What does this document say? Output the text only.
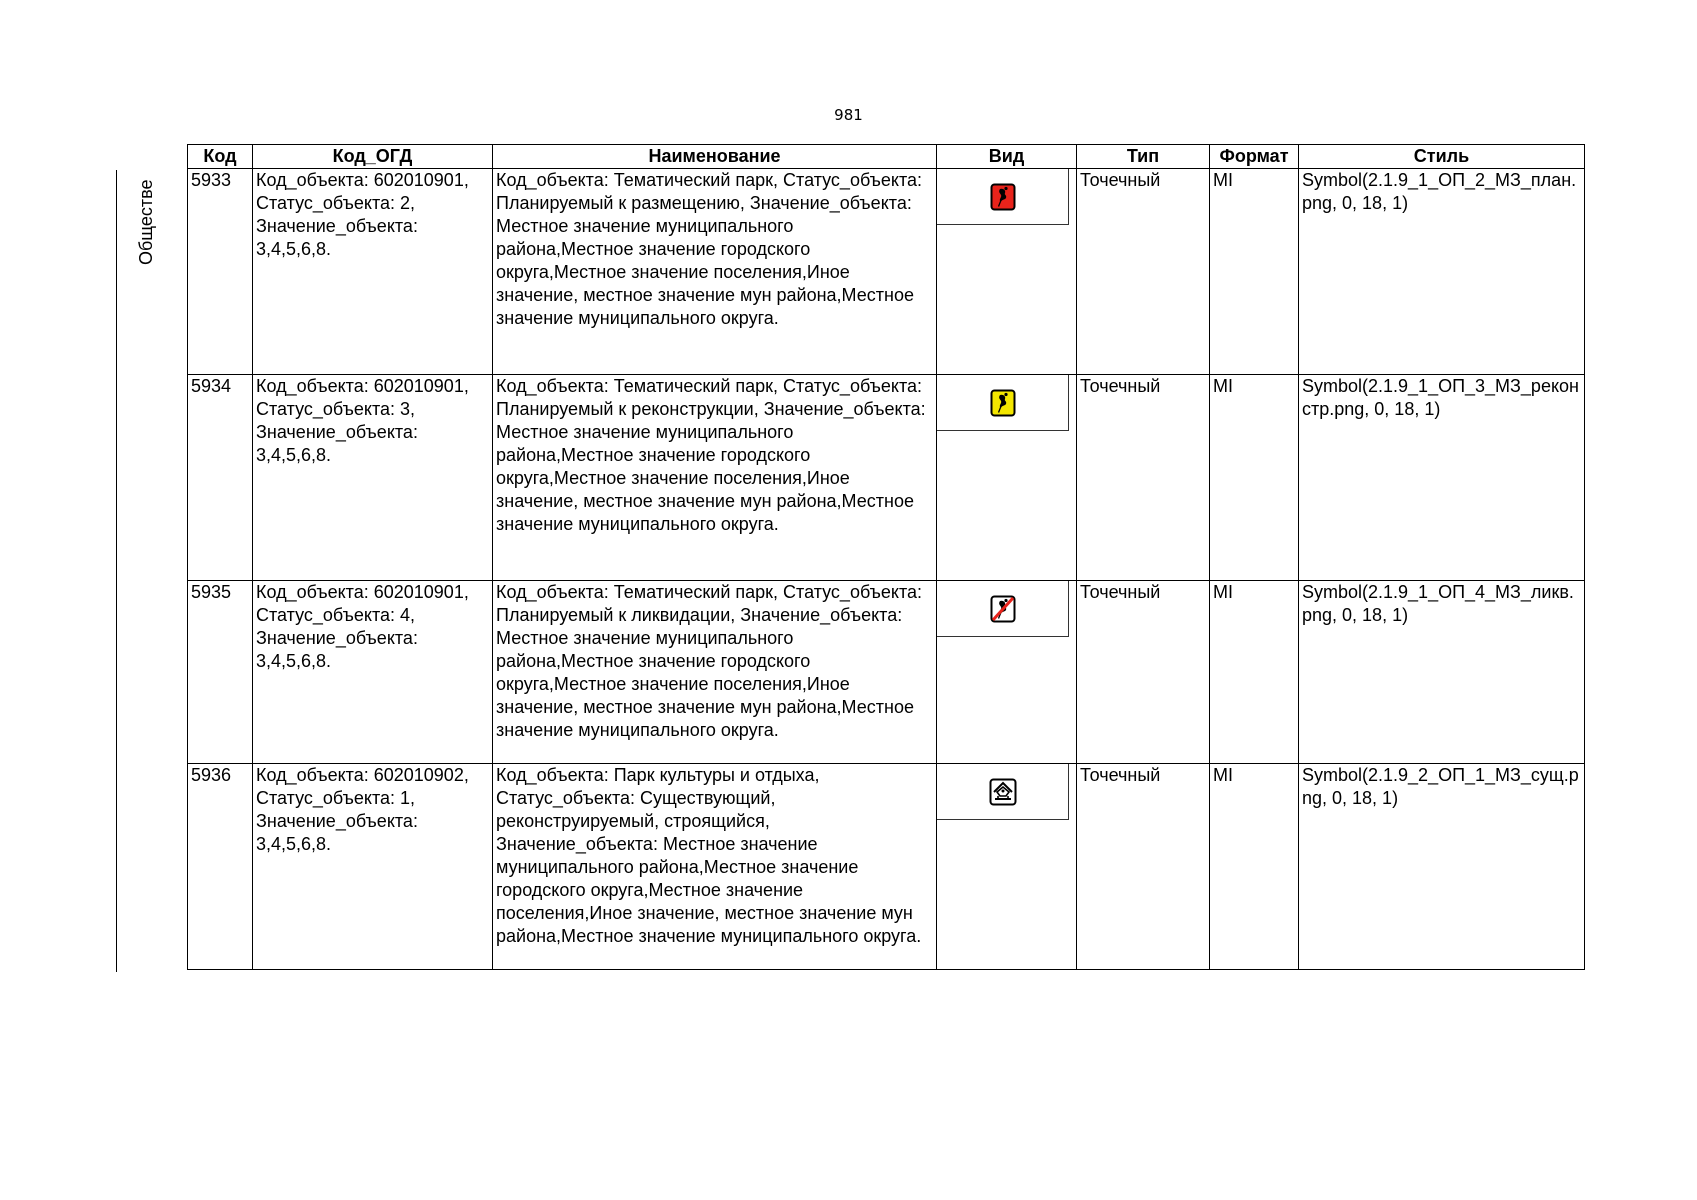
981
Обществе
Код	Код_ОГД	Наименование	Вид	Тип	Формат	Стиль
5933	Код_объекта: 602010901, Статус_объекта: 2, Значение_объекта: 3,4,5,6,8.	Код_объекта: Тематический парк, Статус_объекта: Планируемый к размещению, Значение_объекта: Местное значение муниципального района,Местное значение городского округа,Местное значение поселения,Иное значение, местное значение мун района,Местное значение муниципального округа.		Точечный	MI	Symbol(2.1.9_1_ОП_2_МЗ_план.png, 0, 18, 1)
5934	Код_объекта: 602010901, Статус_объекта: 3, Значение_объекта: 3,4,5,6,8.	Код_объекта: Тематический парк, Статус_объекта: Планируемый к реконструкции, Значение_объекта: Местное значение муниципального района,Местное значение городского округа,Местное значение поселения,Иное значение, местное значение мун района,Местное значение муниципального округа.		Точечный	MI	Symbol(2.1.9_1_ОП_3_МЗ_реконстр.png, 0, 18, 1)
5935	Код_объекта: 602010901, Статус_объекта: 4, Значение_объекта: 3,4,5,6,8.	Код_объекта: Тематический парк, Статус_объекта: Планируемый к ликвидации, Значение_объекта: Местное значение муниципального района,Местное значение городского округа,Местное значение поселения,Иное значение, местное значение мун района,Местное значение муниципального округа.		Точечный	MI	Symbol(2.1.9_1_ОП_4_МЗ_ликв.png, 0, 18, 1)
5936	Код_объекта: 602010902, Статус_объекта: 1, Значение_объекта: 3,4,5,6,8.	Код_объекта: Парк культуры и отдыха, Статус_объекта: Существующий, реконструируемый, строящийся, Значение_объекта: Местное значение муниципального района,Местное значение городского округа,Местное значение поселения,Иное значение, местное значение мун района,Местное значение муниципального округа.		Точечный	MI	Symbol(2.1.9_2_ОП_1_МЗ_сущ.png, 0, 18, 1)
